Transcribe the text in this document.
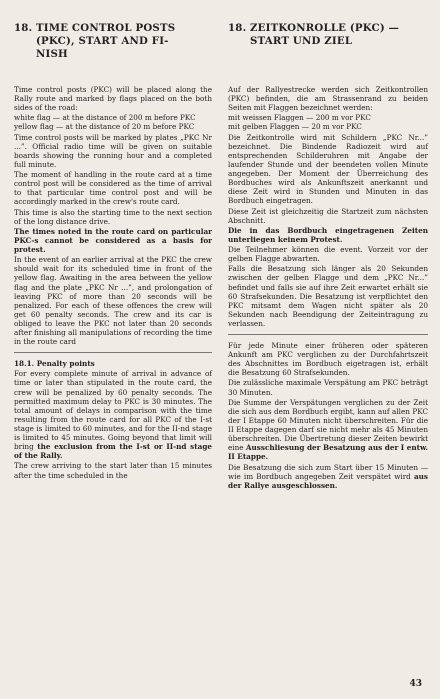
18. TIME CONTROL POSTS
(PKC), START AND FI-
NISH
18. ZEITKONROLLE (PKC) —
START UND ZIEL

Time control posts (PKC) will be placed along the Rally route and marked by flags placed on the both sides of the road:

white flag — at the distance of 200 m before PKC

yellow flag — at the distance of 20 m before PKC

Time control posts will be marked by plates „PKC Nr ...”. Official radio time will be given on suitable boards showing the running hour and a completed full minute.

The moment of handling in the route card at a time control post will be considered as the time of arrival to that particular time control post and will be accordingly marked in the crew's route card.

This time is also the starting time to the next section of the long distance drive.

The times noted in the route card on particular PKC-s cannot be considered as a basis for protest.

In the event of an earlier arrival at the PKC the crew should wait for its scheduled time in front of the yellow flag. Awaiting in the area between the yellow flag and the plate „PKC Nr ...”, and prolongation of leaving PKC of more than 20 seconds will be penalized. For each of these offences the crew will get 60 penalty seconds. The crew and its car is obliged to leave the PKC not later than 20 seconds after finishing all manipulations of recording the time in the route card

18.1. Penalty points

For every complete minute of arrival in advance of time or later than stipulated in the route card, the crew will be penalized by 60 penalty seconds. The permitted maximum delay to PKC is 30 minutes. The total amount of delays in comparison with the time resulting from the route card for all PKC of the I-st stage is limited to 60 minutes, and for the II-nd stage is limited to 45 minutes. Going beyond that limit will bring the exclusion from the I-st or II-nd stage of the Rally.

The crew arriving to the start later than 15 minutes after the time scheduled in the

Auf der Rallyestrecke werden sich Zeitkontrollen (PKC) befinden, die am Strassenrand zu beiden Seiten mit Flaggen bezeichnet werden:

mit weissen Flaggen — 200 m vor PKC

mit gelben Flaggen — 20 m vor PKC

Die Zeitkontrolle wird mit Schildern „PKC Nr...” bezeichnet. Die Bindende Radiozeit wird auf entsprechenden Schilderuhren mit Angabe der laufender Stunde und der beendeten vollen Minute angegeben. Der Moment der Überreichung des Bordbuches wird als Ankunftszeit anerkannt und diese Zeit wird in Stunden und Minuten in das Bordbuch eingetragen.

Diese Zeit ist gleichzeitig die Startzeit zum nächsten Abschnitt.

Die in das Bordbuch eingetragenen Zeiten unterliegen keinem Protest.

Die Teilnehmer können die event. Vorzeit vor der gelben Flagge abwarten.

Falls die Besatzung sich länger als 20 Sekunden zwischen der gelben Flagge und dem „PKC Nr...” befindet und falls sie auf ihre Zeit erwartet erhält sie 60 Strafsekunden. Die Besatzung ist verpflichtet den PKC mitsamt dem Wagen nicht später als 20 Sekunden nach Beendigung der Zeiteintragung zu verlassen.

Für jede Minute einer früheren oder späteren Ankunft am PKC verglichen zu der Durchfahrtszeit des Abschnittes im Bordbuch eigetragen ist, erhält die Besatzung 60 Strafsekunden.

Die zulässliche maximale Verspätung am PKC beträgt 30 Minuten.

Die Summe der Verspätungen verglichen zu der Zeit die sich aus dem Bordbuch ergibt, kann auf allen PKC der I Etappe 60 Minuten nicht überschreiten. Für die II Etappe dagegen darf sie nicht mehr als 45 Minuten überschreiten. Die Übertretung dieser Zeiten bewirkt eine Ausschliesung der Besatzung aus der I entw. II Etappe.

Die Besatzung die sich zum Start über 15 Minuten — wie im Bordbuch angegeben Zeit verspätet wird aus der Rallye ausgeschlossen.

43
